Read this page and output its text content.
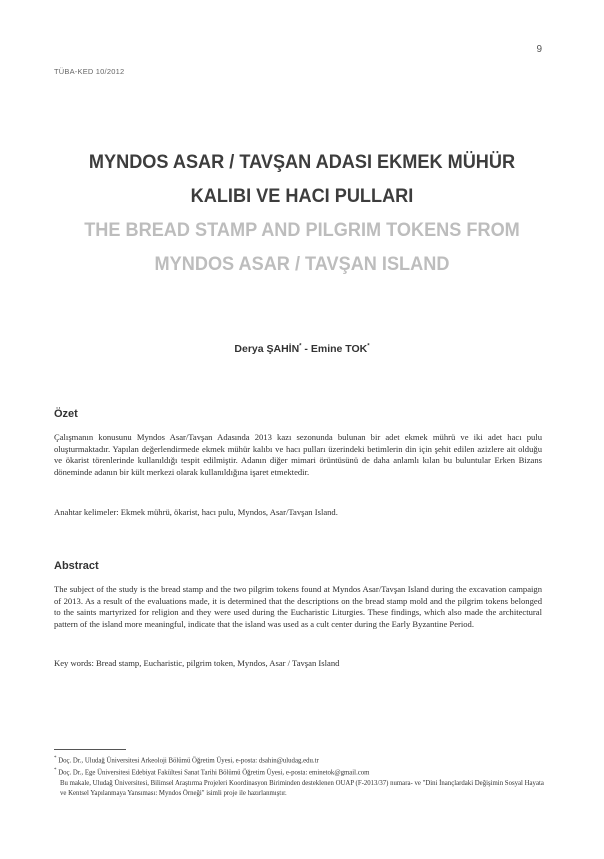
9
TÜBA-KED 10/2012
MYNDOS ASAR / TAVŞAN ADASI EKMEK MÜHÜR
KALIBI VE HACI PULLARI
THE BREAD STAMP AND PILGRIM TOKENS FROM
MYNDOS ASAR / TAVŞAN ISLAND
Derya ŞAHİN* - Emine TOK*
Özet
Çalışmanın konusunu Myndos Asar/Tavşan Adasında 2013 kazı sezonunda bulunan bir adet ekmek mührü ve iki adet hacı pulu oluşturmaktadır. Yapılan değerlendirmede ekmek mühür kalıbı ve hacı pulları üzerindeki betimlerin din için şehit edilen azizlere ait olduğu ve ökarist törenlerinde kullanıldığı tespit edilmiştir. Adanın diğer mimari örüntüsünü de daha anlamlı kılan bu buluntular Erken Bizans döneminde adanın bir kült merkezi olarak kullanıldığına işaret etmektedir.
Anahtar kelimeler: Ekmek mührü, ökarist, hacı pulu, Myndos, Asar/Tavşan Island.
Abstract
The subject of the study is the bread stamp and the two pilgrim tokens found at Myndos Asar/Tavşan Island during the excavation campaign of 2013. As a result of the evaluations made, it is determined that the descriptions on the bread stamp mold and the pilgrim tokens belonged to the saints martyrized for religion and they were used during the Eucharistic Liturgies. These findings, which also made the architectural pattern of the island more meaningful, indicate that the island was used as a cult center during the Early Byzantine Period.
Key words: Bread stamp, Eucharistic, pilgrim token, Myndos, Asar / Tavşan Island
* Doç. Dr., Uludağ Üniversitesi Arkeoloji Bölümü Öğretim Üyesi, e-posta: dsahin@uludag.edu.tr
* Doç. Dr., Ege Üniversitesi Edebiyat Fakültesi Sanat Tarihi Bölümü Öğretim Üyesi, e-posta: eminetok@gmail.com
Bu makale, Uludağ Üniversitesi, Bilimsel Araştırma Projeleri Koordinasyon Biriminden desteklenen OUAP (F-2013/37) numara- ve "Dini İnançlardaki Değişimin Sosyal Hayata ve Kentsel Yapılanmaya Yansıması: Myndos Örneği" isimli proje ile hazırlanmıştır.
